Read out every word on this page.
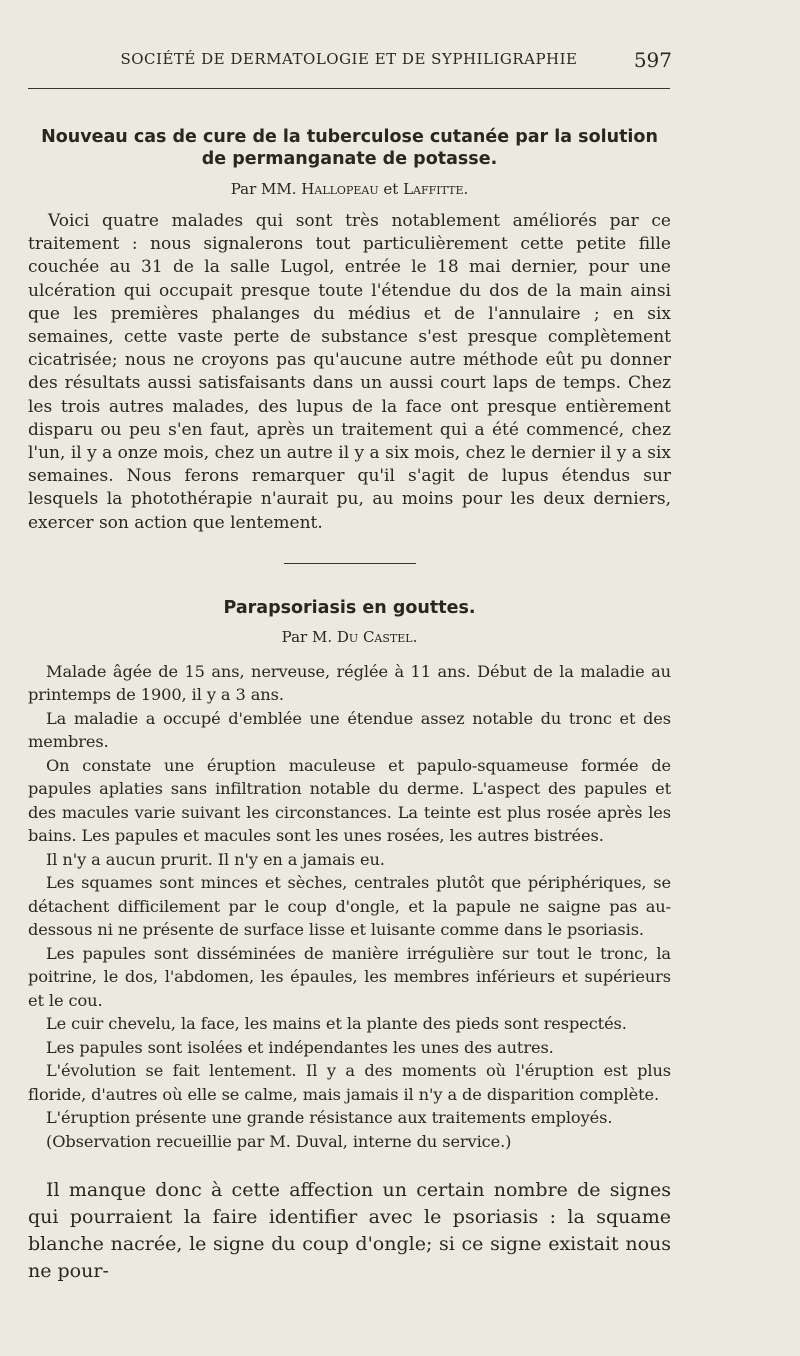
SOCIÉTÉ DE DERMATOLOGIE ET DE SYPHILIGRAPHIE	597
Nouveau cas de cure de la tuberculose cutanée par la solution de permanganate de potasse.
Par MM. Hallopeau et Laffitte.

Voici quatre malades qui sont très notablement améliorés par ce traitement : nous signalerons tout particulièrement cette petite fille couchée au 31 de la salle Lugol, entrée le 18 mai dernier, pour une ulcération qui occupait presque toute l'étendue du dos de la main ainsi que les premières phalanges du médius et de l'annulaire ; en six semaines, cette vaste perte de substance s'est presque complètement cicatrisée; nous ne croyons pas qu'aucune autre méthode eût pu donner des résultats aussi satisfaisants dans un aussi court laps de temps. Chez les trois autres malades, des lupus de la face ont presque entièrement disparu ou peu s'en faut, après un traitement qui a été commencé, chez l'un, il y a onze mois, chez un autre il y a six mois, chez le dernier il y a six semaines. Nous ferons remarquer qu'il s'agit de lupus étendus sur lesquels la photothérapie n'aurait pu, au moins pour les deux derniers, exercer son action que lentement.

Parapsoriasis en gouttes.
Par M. Du Castel.

Malade âgée de 15 ans, nerveuse, réglée à 11 ans. Début de la maladie au printemps de 1900, il y a 3 ans.

La maladie a occupé d'emblée une étendue assez notable du tronc et des membres.

On constate une éruption maculeuse et papulo-squameuse formée de papules aplaties sans infiltration notable du derme. L'aspect des papules et des macules varie suivant les circonstances. La teinte est plus rosée après les bains. Les papules et macules sont les unes rosées, les autres bistrées.

Il n'y a aucun prurit. Il n'y en a jamais eu.

Les squames sont minces et sèches, centrales plutôt que périphériques, se détachent difficilement par le coup d'ongle, et la papule ne saigne pas au-dessous ni ne présente de surface lisse et luisante comme dans le psoriasis.

Les papules sont disséminées de manière irrégulière sur tout le tronc, la poitrine, le dos, l'abdomen, les épaules, les membres inférieurs et supérieurs et le cou.

Le cuir chevelu, la face, les mains et la plante des pieds sont respectés.

Les papules sont isolées et indépendantes les unes des autres.

L'évolution se fait lentement. Il y a des moments où l'éruption est plus floride, d'autres où elle se calme, mais jamais il n'y a de disparition complète.

L'éruption présente une grande résistance aux traitements employés.

(Observation recueillie par M. Duval, interne du service.)

Il manque donc à cette affection un certain nombre de signes qui pourraient la faire identifier avec le psoriasis : la squame blanche nacrée, le signe du coup d'ongle; si ce signe existait nous ne pour-
